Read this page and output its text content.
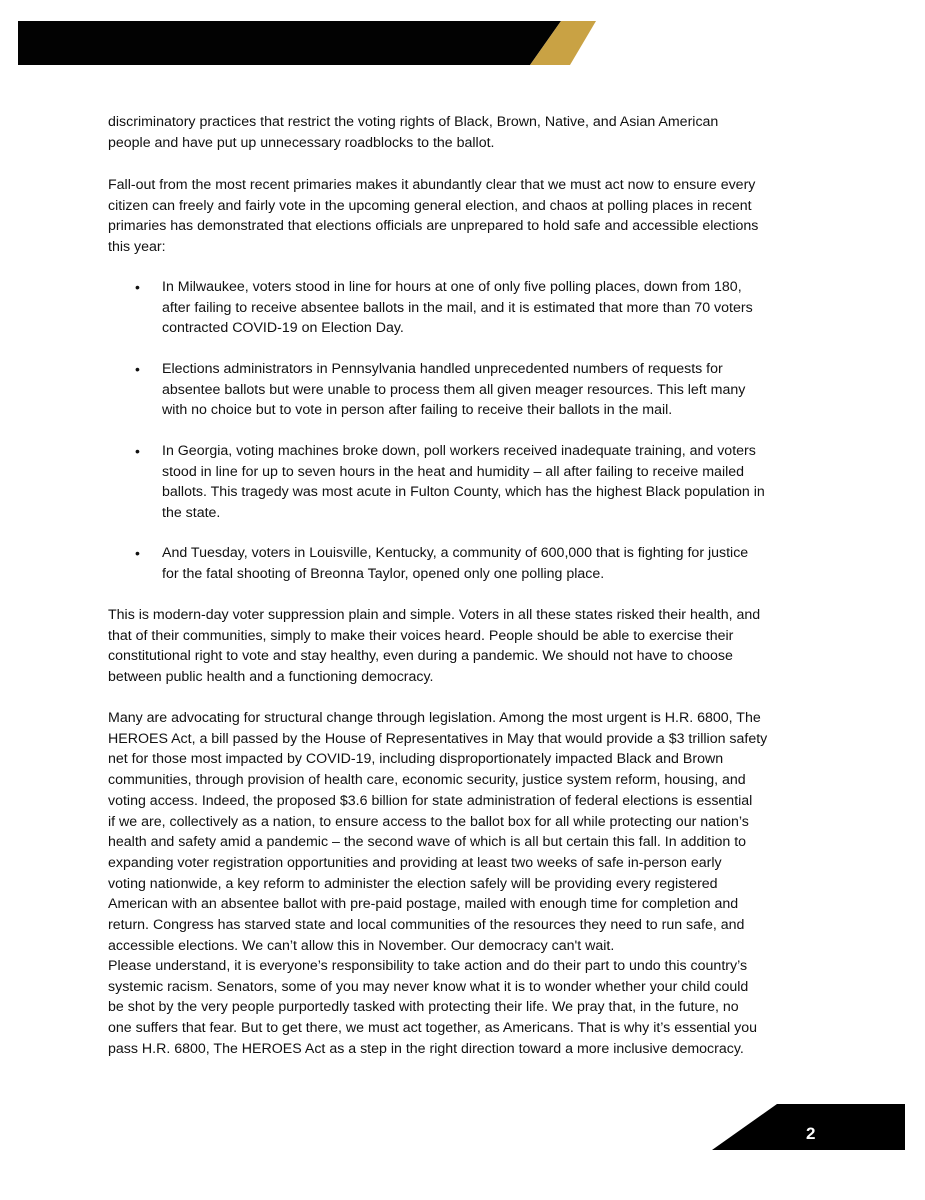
discriminatory practices that restrict the voting rights of Black, Brown, Native, and Asian American
people and have put up unnecessary roadblocks to the ballot.
Fall-out from the most recent primaries makes it abundantly clear that we must act now to ensure every
citizen can freely and fairly vote in the upcoming general election, and chaos at polling places in recent
primaries has demonstrated that elections officials are unprepared to hold safe and accessible elections
this year:
• In Milwaukee, voters stood in line for hours at one of only five polling places, down from 180,
after failing to receive absentee ballots in the mail, and it is estimated that more than 70 voters
contracted COVID-19 on Election Day.
• Elections administrators in Pennsylvania handled unprecedented numbers of requests for
absentee ballots but were unable to process them all given meager resources. This left many
with no choice but to vote in person after failing to receive their ballots in the mail.
• In Georgia, voting machines broke down, poll workers received inadequate training, and voters
stood in line for up to seven hours in the heat and humidity – all after failing to receive mailed
ballots. This tragedy was most acute in Fulton County, which has the highest Black population in
the state.
• And Tuesday, voters in Louisville, Kentucky, a community of 600,000 that is fighting for justice
for the fatal shooting of Breonna Taylor, opened only one polling place.
This is modern-day voter suppression plain and simple. Voters in all these states risked their health, and
that of their communities, simply to make their voices heard. People should be able to exercise their
constitutional right to vote and stay healthy, even during a pandemic. We should not have to choose
between public health and a functioning democracy.
Many are advocating for structural change through legislation. Among the most urgent is H.R. 6800, The
HEROES Act, a bill passed by the House of Representatives in May that would provide a $3 trillion safety
net for those most impacted by COVID-19, including disproportionately impacted Black and Brown
communities, through provision of health care, economic security, justice system reform, housing, and
voting access. Indeed, the proposed $3.6 billion for state administration of federal elections is essential
if we are, collectively as a nation, to ensure access to the ballot box for all while protecting our nation’s
health and safety amid a pandemic – the second wave of which is all but certain this fall. In addition to
expanding voter registration opportunities and providing at least two weeks of safe in-person early
voting nationwide, a key reform to administer the election safely will be providing every registered
American with an absentee ballot with pre-paid postage, mailed with enough time for completion and
return. Congress has starved state and local communities of the resources they need to run safe, and
accessible elections. We can’t allow this in November. Our democracy can't wait.
Please understand, it is everyone’s responsibility to take action and do their part to undo this country’s
systemic racism. Senators, some of you may never know what it is to wonder whether your child could
be shot by the very people purportedly tasked with protecting their life. We pray that, in the future, no
one suffers that fear. But to get there, we must act together, as Americans. That is why it’s essential you
pass H.R. 6800, The HEROES Act as a step in the right direction toward a more inclusive democracy.
2
